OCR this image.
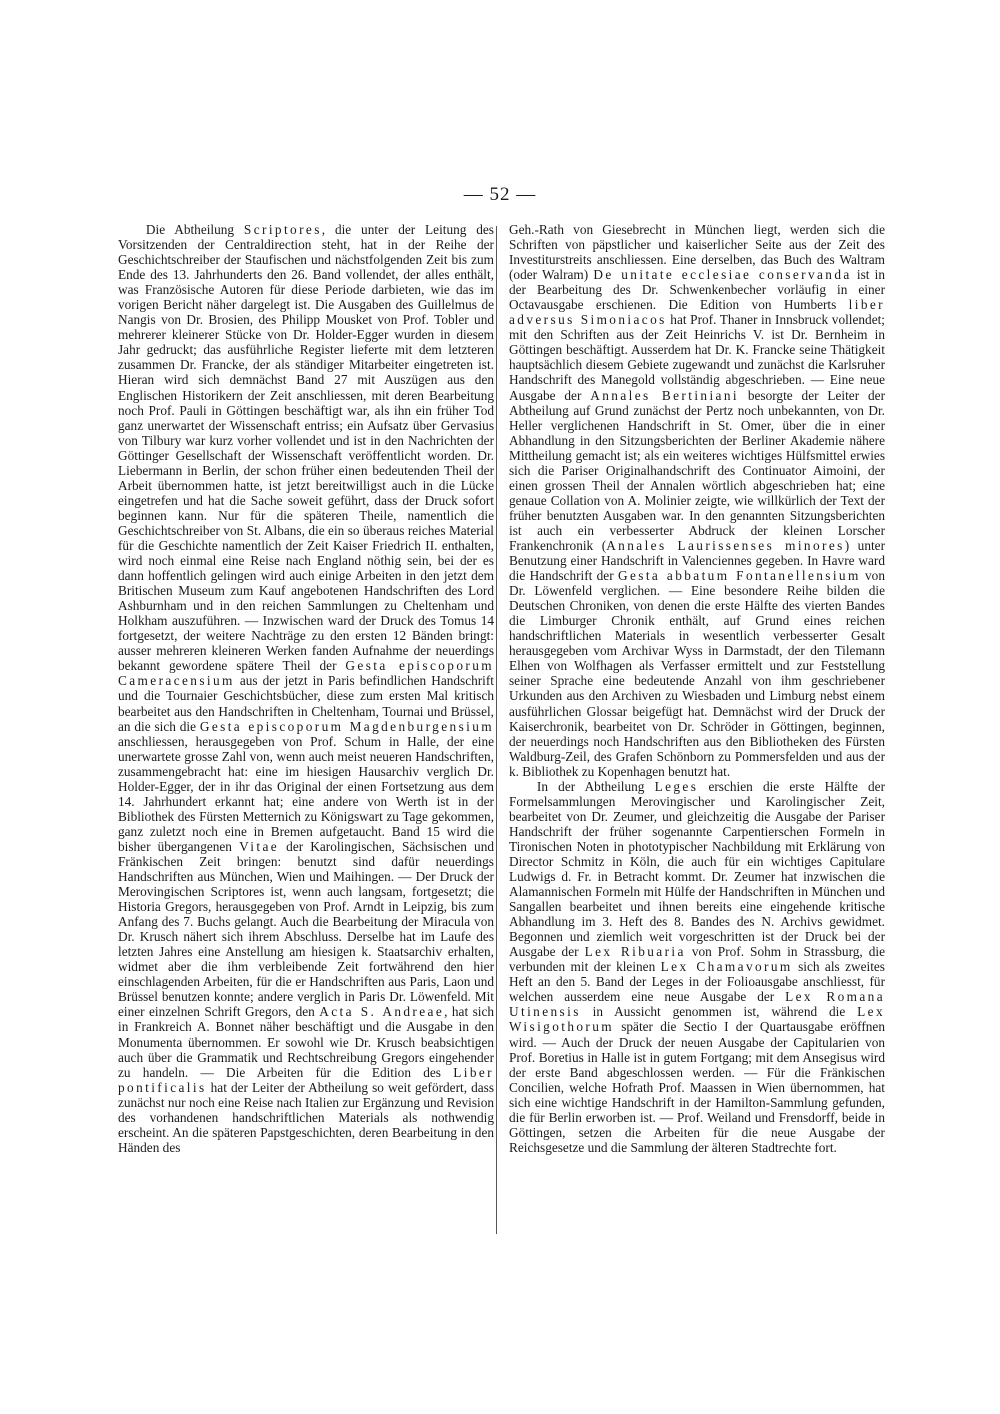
— 52 —

Die Abtheilung Scriptores, die unter der Leitung des Vorsitzenden der Centraldirection steht, hat in der Reihe der Geschichtschreiber der Staufischen und nächstfolgenden Zeit bis zum Ende des 13. Jahrhunderts den 26. Band vollendet, der alles enthält, was Französische Autoren für diese Periode darbieten, wie das im vorigen Bericht näher dargelegt ist. Die Ausgaben des Guillelmus de Nangis von Dr. Brosien, des Philipp Mousket von Prof. Tobler und mehrerer kleinerer Stücke von Dr. Holder-Egger wurden in diesem Jahr gedruckt; das ausführliche Register lieferte mit dem letzteren zusammen Dr. Francke, der als ständiger Mitarbeiter eingetreten ist. Hieran wird sich demnächst Band 27 mit Auszügen aus den Englischen Historikern der Zeit anschliessen, mit deren Bearbeitung noch Prof. Pauli in Göttingen beschäftigt war, als ihn ein früher Tod ganz unerwartet der Wissenschaft entriss; ein Aufsatz über Gervasius von Tilbury war kurz vorher vollendet und ist in den Nachrichten der Göttinger Gesellschaft der Wissenschaft veröffentlicht worden. Dr. Liebermann in Berlin, der schon früher einen bedeutenden Theil der Arbeit übernommen hatte, ist jetzt bereitwilligst auch in die Lücke eingetrefen und hat die Sache soweit geführt, dass der Druck sofort beginnen kann. Nur für die späteren Theile, namentlich die Geschichtschreiber von St. Albans, die ein so überaus reiches Material für die Geschichte namentlich der Zeit Kaiser Friedrich II. enthalten, wird noch einmal eine Reise nach England nöthig sein, bei der es dann hoffentlich gelingen wird auch einige Arbeiten in den jetzt dem Britischen Museum zum Kauf angebotenen Handschriften des Lord Ashburnham und in den reichen Sammlungen zu Cheltenham und Holkham auszuführen. — Inzwischen ward der Druck des Tomus 14 fortgesetzt, der weitere Nachträge zu den ersten 12 Bänden bringt: ausser mehreren kleineren Werken fanden Aufnahme der neuerdings bekannt gewordene spätere Theil der Gesta episcoporum Cameracensium aus der jetzt in Paris befindlichen Handschrift und die Tournaier Geschichtsbücher, diese zum ersten Mal kritisch bearbeitet aus den Handschriften in Cheltenham, Tournai und Brüssel, an die sich die Gesta episcoporum Magdenburgensium anschliessen, herausgegeben von Prof. Schum in Halle, der eine unerwartete grosse Zahl von, wenn auch meist neueren Handschriften, zusammengebracht hat: eine im hiesigen Hausarchiv verglich Dr. Holder-Egger, der in ihr das Original der einen Fortsetzung aus dem 14. Jahrhundert erkannt hat; eine andere von Werth ist in der Bibliothek des Fürsten Metternich zu Königswart zu Tage gekommen, ganz zuletzt noch eine in Bremen aufgetaucht. Band 15 wird die bisher übergangenen Vitae der Karolingischen, Sächsischen und Fränkischen Zeit bringen: benutzt sind dafür neuerdings Handschriften aus München, Wien und Maihingen. — Der Druck der Merovingischen Scriptores ist, wenn auch langsam, fortgesetzt; die Historia Gregors, herausgegeben von Prof. Arndt in Leipzig, bis zum Anfang des 7. Buchs gelangt. Auch die Bearbeitung der Miracula von Dr. Krusch nähert sich ihrem Abschluss. Derselbe hat im Laufe des letzten Jahres eine Anstellung am hiesigen k. Staatsarchiv erhalten, widmet aber die ihm verbleibende Zeit fortwährend den hier einschlagenden Arbeiten, für die er Handschriften aus Paris, Laon und Brüssel benutzen konnte; andere verglich in Paris Dr. Löwenfeld. Mit einer einzelnen Schrift Gregors, den Acta S. Andreae, hat sich in Frankreich A. Bonnet näher beschäftigt und die Ausgabe in den Monumenta übernommen. Er sowohl wie Dr. Krusch beabsichtigen auch über die Grammatik und Rechtschreibung Gregors eingehender zu handeln. — Die Arbeiten für die Edition des Liber pontificalis hat der Leiter der Abtheilung so weit gefördert, dass zunächst nur noch eine Reise nach Italien zur Ergänzung und Revision des vorhandenen handschriftlichen Materials als nothwendig erscheint. An die späteren Papstgeschichten, deren Bearbeitung in den Händen des

Geh.-Rath von Giesebrecht in München liegt, werden sich die Schriften von päpstlicher und kaiserlicher Seite aus der Zeit des Investiturstreits anschliessen. Eine derselben, das Buch des Waltram (oder Walram) De unitate ecclesiae conservanda ist in der Bearbeitung des Dr. Schwenkenbecher vorläufig in einer Octavausgabe erschienen. Die Edition von Humberts liber adversus Simoniacos hat Prof. Thaner in Innsbruck vollendet; mit den Schriften aus der Zeit Heinrichs V. ist Dr. Bernheim in Göttingen beschäftigt. Ausserdem hat Dr. K. Francke seine Thätigkeit hauptsächlich diesem Gebiete zugewandt und zunächst die Karlsruher Handschrift des Manegold vollständig abgeschrieben. — Eine neue Ausgabe der Annales Bertiniani besorgte der Leiter der Abtheilung auf Grund zunächst der Pertz noch unbekannten, von Dr. Heller verglichenen Handschrift in St. Omer, über die in einer Abhandlung in den Sitzungsberichten der Berliner Akademie nähere Mittheilung gemacht ist; als ein weiteres wichtiges Hülfsmittel erwies sich die Pariser Originalhandschrift des Continuator Aimoini, der einen grossen Theil der Annalen wörtlich abgeschrieben hat; eine genaue Collation von A. Molinier zeigte, wie willkürlich der Text der früher benutzten Ausgaben war. In den genannten Sitzungsberichten ist auch ein verbesserter Abdruck der kleinen Lorscher Frankenchronik (Annales Laurissenses minores) unter Benutzung einer Handschrift in Valenciennes gegeben. In Havre ward die Handschrift der Gesta abbatum Fontanellensium von Dr. Löwenfeld verglichen. — Eine besondere Reihe bilden die Deutschen Chroniken, von denen die erste Hälfte des vierten Bandes die Limburger Chronik enthält, auf Grund eines reichen handschriftlichen Materials in wesentlich verbesserter Gesalt herausgegeben vom Archivar Wyss in Darmstadt, der den Tilemann Elhen von Wolfhagen als Verfasser ermittelt und zur Feststellung seiner Sprache eine bedeutende Anzahl von ihm geschriebener Urkunden aus den Archiven zu Wiesbaden und Limburg nebst einem ausführlichen Glossar beigefügt hat. Demnächst wird der Druck der Kaiserchronik, bearbeitet von Dr. Schröder in Göttingen, beginnen, der neuerdings noch Handschriften aus den Bibliotheken des Fürsten Waldburg-Zeil, des Grafen Schönborn zu Pommersfelden und aus der k. Bibliothek zu Kopenhagen benutzt hat.

In der Abtheilung Leges erschien die erste Hälfte der Formelsammlungen Merovingischer und Karolingischer Zeit, bearbeitet von Dr. Zeumer, und gleichzeitig die Ausgabe der Pariser Handschrift der früher sogenannte Carpentierschen Formeln in Tironischen Noten in phototypischer Nachbildung mit Erklärung von Director Schmitz in Köln, die auch für ein wichtiges Capitulare Ludwigs d. Fr. in Betracht kommt. Dr. Zeumer hat inzwischen die Alamannischen Formeln mit Hülfe der Handschriften in München und Sangallen bearbeitet und ihnen bereits eine eingehende kritische Abhandlung im 3. Heft des 8. Bandes des N. Archivs gewidmet. Begonnen und ziemlich weit vorgeschritten ist der Druck bei der Ausgabe der Lex Ribuaria von Prof. Sohm in Strassburg, die verbunden mit der kleinen Lex Chamavorum sich als zweites Heft an den 5. Band der Leges in der Folioausgabe anschliesst, für welchen ausserdem eine neue Ausgabe der Lex Romana Utinensis in Aussicht genommen ist, während die Lex Wisigothorum später die Sectio I der Quartausgabe eröffnen wird. — Auch der Druck der neuen Ausgabe der Capitularien von Prof. Boretius in Halle ist in gutem Fortgang; mit dem Ansegisus wird der erste Band abgeschlossen werden. — Für die Fränkischen Concilien, welche Hofrath Prof. Maassen in Wien übernommen, hat sich eine wichtige Handschrift in der Hamilton-Sammlung gefunden, die für Berlin erworben ist. — Prof. Weiland und Frensdorff, beide in Göttingen, setzen die Arbeiten für die neue Ausgabe der Reichsgesetze und die Sammlung der älteren Stadtrechte fort.
